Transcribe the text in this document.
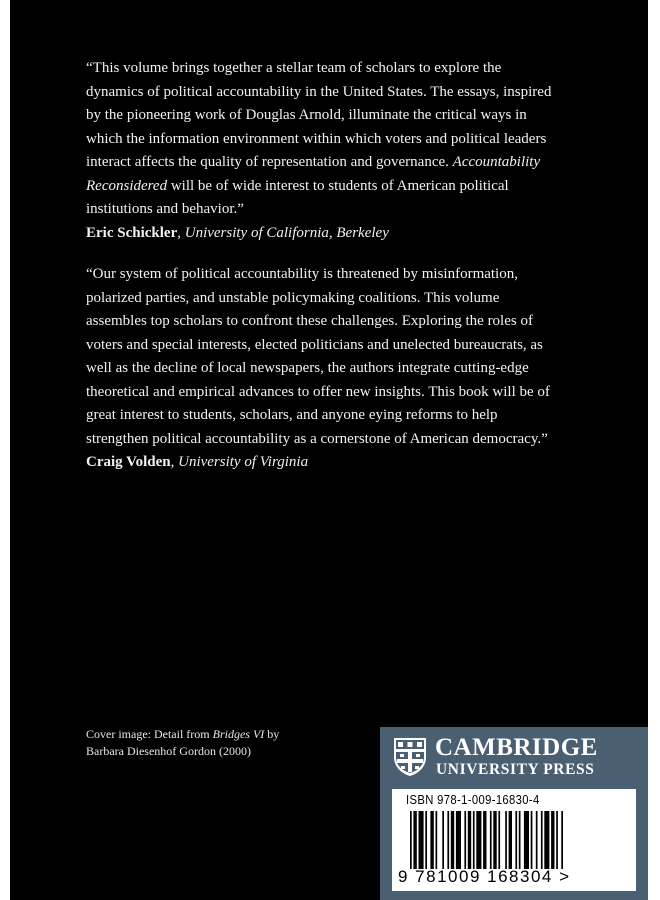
“This volume brings together a stellar team of scholars to explore the dynamics of political accountability in the United States. The essays, inspired by the pioneering work of Douglas Arnold, illuminate the critical ways in which the information environment within which voters and political leaders interact affects the quality of representation and governance. Accountability Reconsidered will be of wide interest to students of American political institutions and behavior.”

Eric Schickler, University of California, Berkeley

“Our system of political accountability is threatened by misinformation, polarized parties, and unstable policymaking coalitions. This volume assembles top scholars to confront these challenges. Exploring the roles of voters and special interests, elected politicians and unelected bureaucrats, as well as the decline of local newspapers, the authors integrate cutting-edge theoretical and empirical advances to offer new insights. This book will be of great interest to students, scholars, and anyone eying reforms to help strengthen political accountability as a cornerstone of American democracy.”

Craig Volden, University of Virginia

Cover image: Detail from Bridges VI by
Barbara Diesenhof Gordon (2000)	CAMBRIDGE
UNIVERSITY PRESS
ISBN 978-1-009-16830-4
9 781009 168304 >
